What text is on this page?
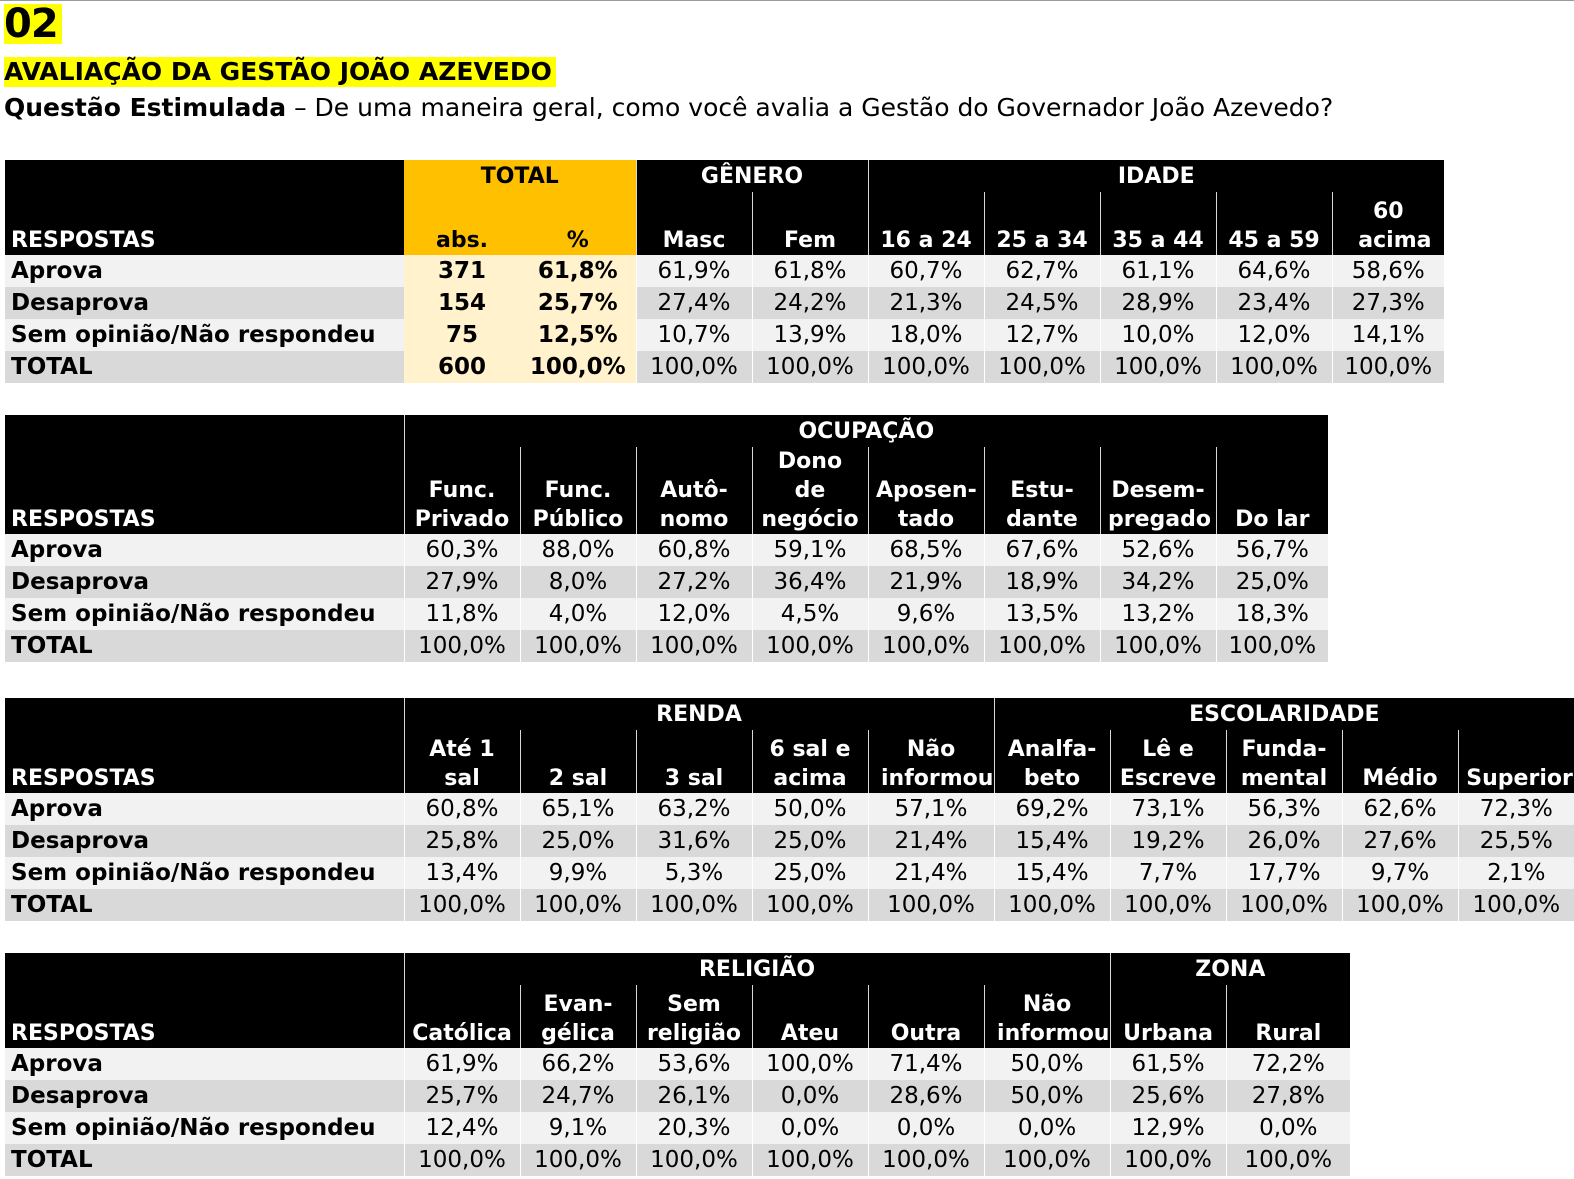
02
AVALIAÇÃO DA GESTÃO JOÃO AZEVEDO
Questão Estimulada – De uma maneira geral, como você avalia a Gestão do Governador João Azevedo?
RESPOSTAS	TOTAL		GÊNERO		IDADE				
	abs.	%	Masc	Fem	16 a 24	25 a 34	35 a 44	45 a 59	60 acima

Aprova	371	61,8%	61,9%	61,8%	60,7%	62,7%	61,1%	64,6%	58,6%
Desaprova	154	25,7%	27,4%	24,2%	21,3%	24,5%	28,9%	23,4%	27,3%
Sem opinião/Não respondeu	75	12,5%	10,7%	13,9%	18,0%	12,7%	10,0%	12,0%	14,1%
TOTAL	600	100,0%	100,0%	100,0%	100,0%	100,0%	100,0%	100,0%	100,0%
RESPOSTAS	OCUPAÇÃO							

	Func. Privado	Func. Público	Autô- nomo	Dono de negócio	Aposen- tado	Estu- dante	Desem- pregado	Do lar

Aprova	60,3%	88,0%	60,8%	59,1%	68,5%	67,6%	52,6%	56,7%
Desaprova	27,9%	8,0%	27,2%	36,4%	21,9%	18,9%	34,2%	25,0%
Sem opinião/Não respondeu	11,8%	4,0%	12,0%	4,5%	9,6%	13,5%	13,2%	18,3%
TOTAL	100,0%	100,0%	100,0%	100,0%	100,0%	100,0%	100,0%	100,0%
RESPOSTAS	RENDA					ESCOLARIDADE				

	Até 1 sal	2 sal	3 sal	6 sal e acima	Não informou	Analfa- beto	Lê e Escreve	Funda- mental	Médio	Superior

Aprova	60,8%	65,1%	63,2%	50,0%	57,1%	69,2%	73,1%	56,3%	62,6%	72,3%
Desaprova	25,8%	25,0%	31,6%	25,0%	21,4%	15,4%	19,2%	26,0%	27,6%	25,5%
Sem opinião/Não respondeu	13,4%	9,9%	5,3%	25,0%	21,4%	15,4%	7,7%	17,7%	9,7%	2,1%
TOTAL	100,0%	100,0%	100,0%	100,0%	100,0%	100,0%	100,0%	100,0%	100,0%	100,0%
RESPOSTAS	RELIGIÃO						ZONA	

	Católica	Evan- gélica	Sem religião	Ateu	Outra	Não informou	Urbana	Rural

Aprova	61,9%	66,2%	53,6%	100,0%	71,4%	50,0%	61,5%	72,2%
Desaprova	25,7%	24,7%	26,1%	0,0%	28,6%	50,0%	25,6%	27,8%
Sem opinião/Não respondeu	12,4%	9,1%	20,3%	0,0%	0,0%	0,0%	12,9%	0,0%
TOTAL	100,0%	100,0%	100,0%	100,0%	100,0%	100,0%	100,0%	100,0%
